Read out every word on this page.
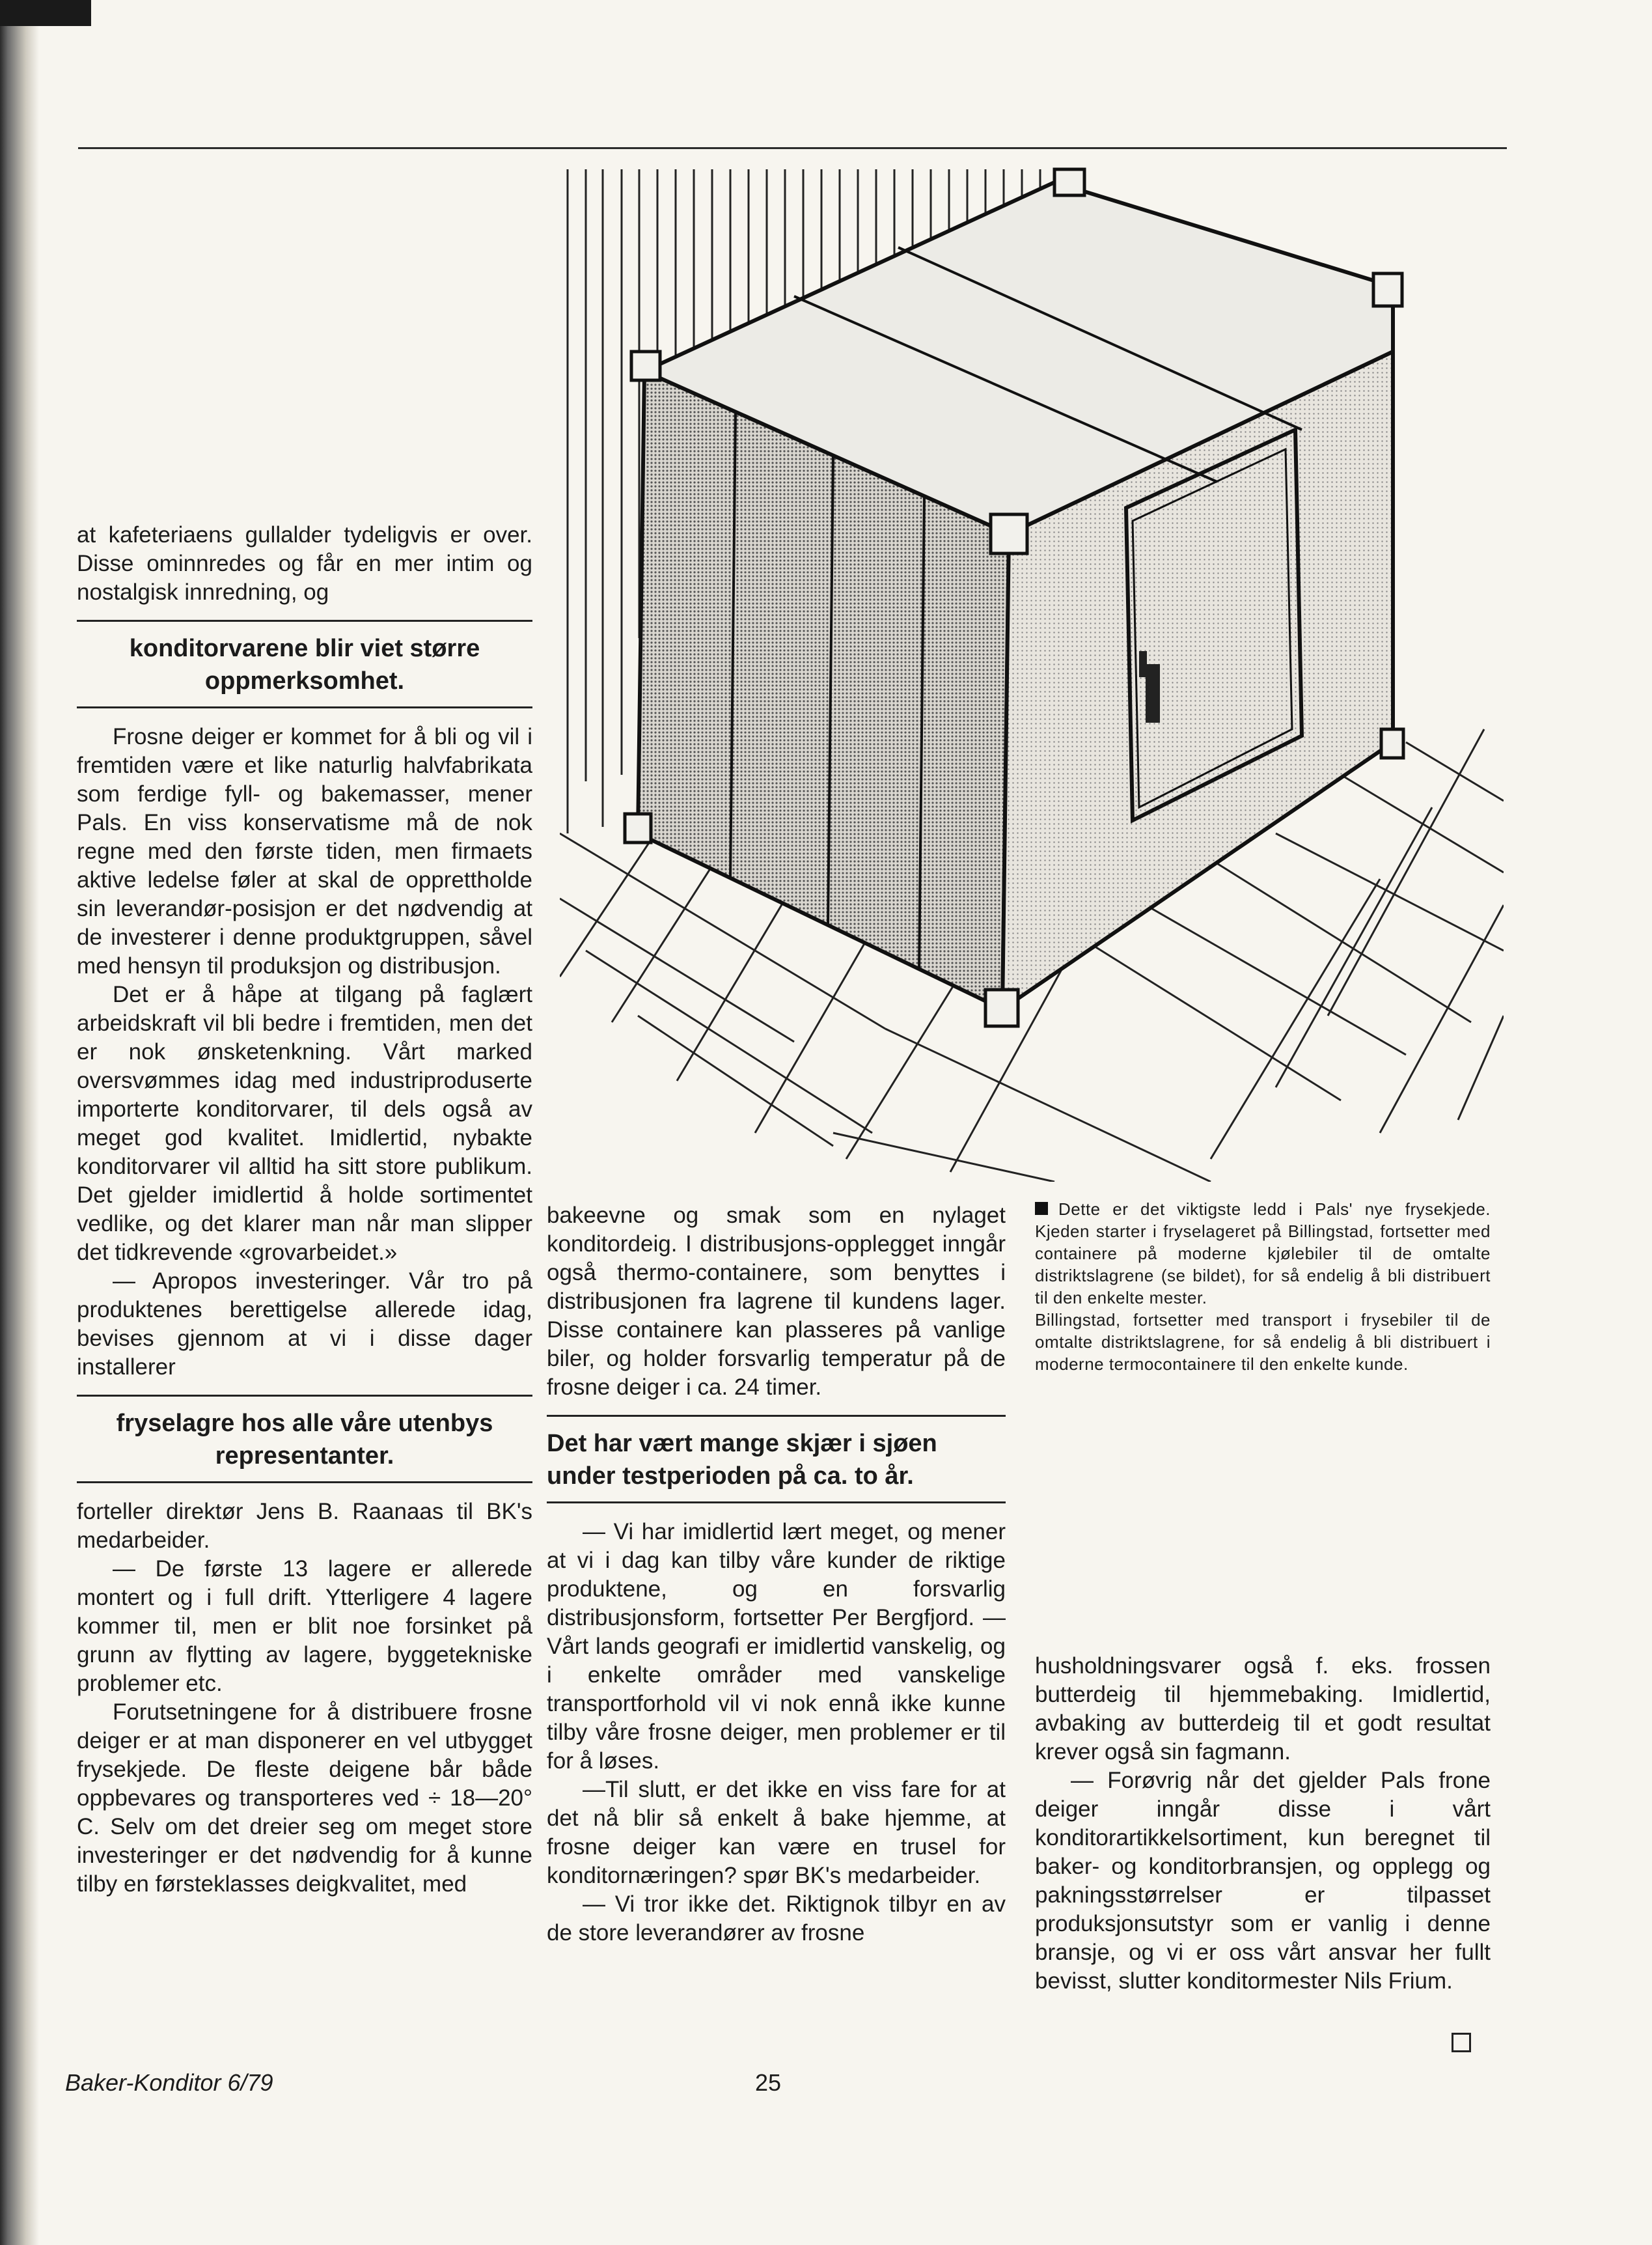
at kafeteriaens gullalder tydeligvis er over. Disse ominnredes og får en mer intim og nostalgisk innredning, og

konditorvarene blir viet større oppmerksomhet.

Frosne deiger er kommet for å bli og vil i fremtiden være et like naturlig halvfabrikata som ferdige fyll- og bakemasser, mener Pals. En viss konservatisme må de nok regne med den første tiden, men firmaets aktive ledelse føler at skal de opprettholde sin leverandør-posisjon er det nødvendig at de investerer i denne produktgruppen, såvel med hensyn til produksjon og distribusjon.

Det er å håpe at tilgang på faglært arbeidskraft vil bli bedre i fremtiden, men det er nok ønsketenkning. Vårt marked oversvømmes idag med industriproduserte importerte konditorvarer, til dels også av meget god kvalitet. Imidlertid, nybakte konditorvarer vil alltid ha sitt store publikum. Det gjelder imidlertid å holde sortimentet vedlike, og det klarer man når man slipper det tidkrevende «grovarbeidet.»

— Apropos investeringer. Vår tro på produktenes berettigelse allerede idag, bevises gjennom at vi i disse dager installerer

fryselagre hos alle våre utenbys representanter.

forteller direktør Jens B. Raanaas til BK's medarbeider.

— De første 13 lagere er allerede montert og i full drift. Ytterligere 4 lagere kommer til, men er blit noe forsinket på grunn av flytting av lagere, byggetekniske problemer etc.

Forutsetningene for å distribuere frosne deiger er at man disponerer en vel utbygget frysekjede. De fleste deigene bår både oppbevares og transporteres ved ÷ 18—20° C. Selv om det dreier seg om meget store investeringer er det nødvendig for å kunne tilby en førsteklasses deigkvalitet, med

bakeevne og smak som en nylaget konditordeig. I distribusjons-opplegget inngår også thermo-containere, som benyttes i distribusjonen fra lagrene til kundens lager. Disse containere kan plasseres på vanlige biler, og holder forsvarlig temperatur på de frosne deiger i ca. 24 timer.

Det har vært mange skjær i sjøen under testperioden på ca. to år.

— Vi har imidlertid lært meget, og mener at vi i dag kan tilby våre kunder de riktige produktene, og en forsvarlig distribusjonsform, fortsetter Per Bergfjord. — Vårt lands geografi er imidlertid vanskelig, og i enkelte områder med vanskelige transportforhold vil vi nok ennå ikke kunne tilby våre frosne deiger, men problemer er til for å løses.

—Til slutt, er det ikke en viss fare for at det nå blir så enkelt å bake hjemme, at frosne deiger kan være en trusel for konditornæringen? spør BK's medarbeider.

— Vi tror ikke det. Riktignok tilbyr en av de store leverandører av frosne

Dette er det viktigste ledd i Pals' nye frysekjede. Kjeden starter i fryselageret på Billingstad, fortsetter med containere på moderne kjølebiler til de omtalte distriktslagrene (se bildet), for så endelig å bli distribuert til den enkelte mester.

Billingstad, fortsetter med transport i frysebiler til de omtalte distriktslagrene, for så endelig å bli distribuert i moderne termocontainere til den enkelte kunde.

husholdningsvarer også f. eks. frossen butterdeig til hjemmebaking. Imidlertid, avbaking av butterdeig til et godt resultat krever også sin fagmann.

— Forøvrig når det gjelder Pals frone deiger inngår disse i vårt konditorartikkelsortiment, kun beregnet til baker- og konditorbransjen, og opplegg og pakningsstørrelser er tilpasset produksjonsutstyr som er vanlig i denne bransje, og vi er oss vårt ansvar her fullt bevisst, slutter konditormester Nils Frium.

Baker-Konditor 6/79	25
